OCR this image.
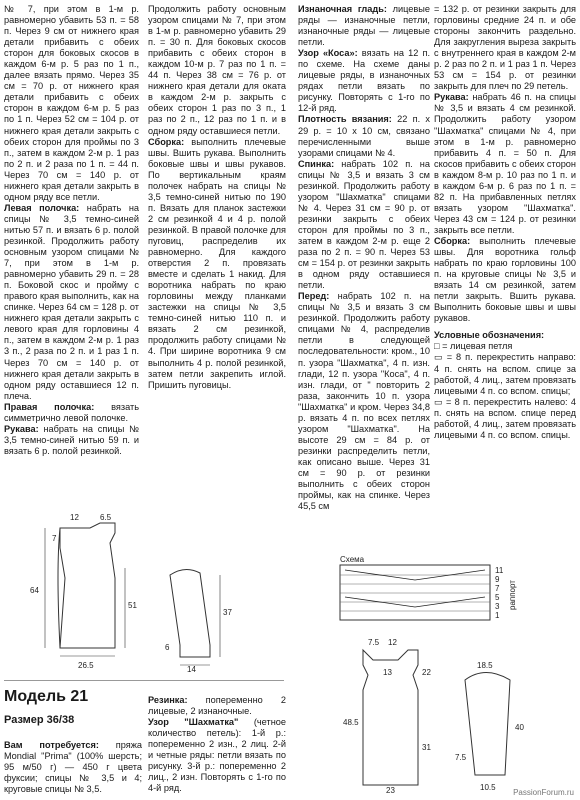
№ 7, при этом в 1-м р. равномерно убавить 53 п. = 58 п. Через 9 см от нижнего края детали прибавить с обеих сторон для боковых скосов в каждом 6-м р. 5 раз по 1 п., далее вязать прямо. Через 35 см = 70 р. от нижнего края детали прибавить с обеих сторон в каждом 6-м р. 5 раз по 1 п. Через 52 см = 104 р. от нижнего края детали закрыть с обеих сторон для проймы по 3 п., затем в каждом 2-м р. 1 раз по 2 п. и 2 раза по 1 п. = 44 п. Через 70 см = 140 р. от нижнего края детали закрыть в одном ряду все петли.

Левая полочка: набрать на спицы № 3,5 темно-синей нитью 57 п. и вязать 6 р. полой резинкой. Продолжить работу основным узором спицами № 7, при этом в 1-м р. равномерно убавить 29 п. = 28 п. Боковой скос и пройму с правого края выполнить, как на спинке. Через 64 см = 128 р. от нижнего края детали закрыть с левого края для горловины 4 п., затем в каждом 2-м р. 1 раз 3 п., 2 раза по 2 п. и 1 раз 1 п. Через 70 см = 140 р. от нижнего края детали закрыть в одном ряду оставшиеся 12 п. плеча.

Правая полочка: вязать симметрично левой полочке.

Рукава: набрать на спицы № 3,5 темно-синей нитью 59 п. и вязать 6 р. полой резинкой.

Продолжить работу основным узором спицами № 7, при этом в 1-м р. равномерно убавить 29 п. = 30 п. Для боковых скосов прибавить с обеих сторон в каждом 10-м р. 7 раз по 1 п. = 44 п. Через 38 см = 76 р. от нижнего края детали для оката в каждом 2-м р. закрыть с обеих сторон 1 раз по 3 п., 1 раз по 2 п., 12 раз по 1 п. и в одном ряду оставшиеся петли.

Сборка: выполнить плечевые швы. Вшить рукава. Выполнить боковые швы и швы рукавов. По вертикальным краям полочек набрать на спицы № 3,5 темно-синей нитью по 190 п. Вязать для планок застежки 2 см резинкой 4 и 4 р. полой резинкой. В правой полочке для пуговиц, распределив их равномерно. Для каждого отверстия 2 п. провязать вместе и сделать 1 накид. Для воротника набрать по краю горловины между планками застежки на спицы № 3,5 темно-синей нитью 110 п. и вязать 2 см резинкой, продолжить работу спицами № 4. При ширине воротника 9 см выполнить 4 р. полой резинкой, затем петли закрепить иглой. Пришить пуговицы.

Изнаночная гладь: лицевые ряды — изнаночные петли, изнаночные ряды — лицевые петли.

Узор «Коса»: вязать на 12 п. по схеме. На схеме даны лицевые ряды, в изнаночных рядах петли вязать по рисунку. Повторять с 1-го по 12-й ряд.

Плотность вязания: 22 п. х 29 р. = 10 х 10 см, связано перечисленными выше узорами спицами № 4.

Спинка: набрать 102 п. на спицы № 3,5 и вязать 3 см резинкой. Продолжить работу узором "Шахматка" спицами № 4. Через 31 см = 90 р. от резинки закрыть с обеих сторон для проймы по 3 п., затем в каждом 2-м р. еще 2 раза по 2 п. = 90 п. Через 53 см = 154 р. от резинки закрыть в одном ряду оставшиеся петли.

Перед: набрать 102 п. на спицы № 3,5 и вязать 3 см резинкой. Продолжить работу спицами № 4, распределив петли в следующей последовательности: кром., 10 п. узора "Шахматка", 4 п. изн. глади, 12 п. узора "Коса", 4 п. изн. глади, от " повторить 2 раза, закончить 10 п. узора "Шахматка" и кром. Через 34,8 р. вязать 4 п. по всех петлях узором "Шахматка". На высоте 29 см = 84 р. от резинки распределить петли, как описано выше. Через 31 см = 90 р. от резинки выполнить с обеих сторон проймы, как на спинке. Через 45,5 см

= 132 р. от резинки закрыть для горловины средние 24 п. и обе стороны закончить раздельно. Для закругления выреза закрыть с внутреннего края в каждом 2-м р. 2 раз по 2 п. и 1 раз 1 п. Через 53 см = 154 р. от резинки закрыть для плеч по 29 петель.

Рукава: набрать 46 п. на спицы № 3,5 и вязать 4 см резинкой. Продолжить работу узором "Шахматка" спицами № 4, при этом в 1-м р. равномерно прибавить 4 п. = 50 п. Для скосов прибавить с обеих сторон в каждом 8-м р. 10 раз по 1 п. и в каждом 6-м р. 6 раз по 1 п. = 82 п. На прибавленных петлях вязать узором "Шахматка". Через 43 см = 124 р. от резинки закрыть все петли.

Сборка: выполнить плечевые швы. Для воротника гольф набрать по краю горловины 100 п. на круговые спицы № 3,5 и вязать 14 см резинкой, затем петли закрыть. Вшить рукава. Выполнить боковые швы и швы рукавов.

Условные обозначения:

□ = лицевая петля

▭ = 8 п. перекрестить направо: 4 п. снять на вспом. спице за работой, 4 лиц., затем провязать лицевыми 4 п. со вспом. спицы;

▭ = 8 п. перекрестить налево: 4 п. снять на вспом. спице перед работой, 4 лиц., затем провязать лицевыми 4 п. со вспом. спицы.

12	6.5
26.5
64
51
7
14
37
6
Схема
11
9
7
5
3
1
раппорт
7.5 12
13	22
48.5
31
23
18.5
40
7.5
10.5
Модель 21
Размер 36/38
Вам потребуется: пряжа Mondial "Prima" (100% шерсть; 95 м/50 г) — 450 г цвета фуксии; спицы № 3,5 и 4; круговые спицы № 3,5.

Резинка: попеременно 2 лицевые, 2 изнаночные.

Узор "Шахматка" (четное количество петель): 1-й р.: попеременно 2 изн., 2 лиц. 2-й и четные ряды: петли вязать по рисунку. 3-й р.: попеременно 2 лиц., 2 изн. Повторять с 1-го по 4-й ряд.	PassionForum.ru
